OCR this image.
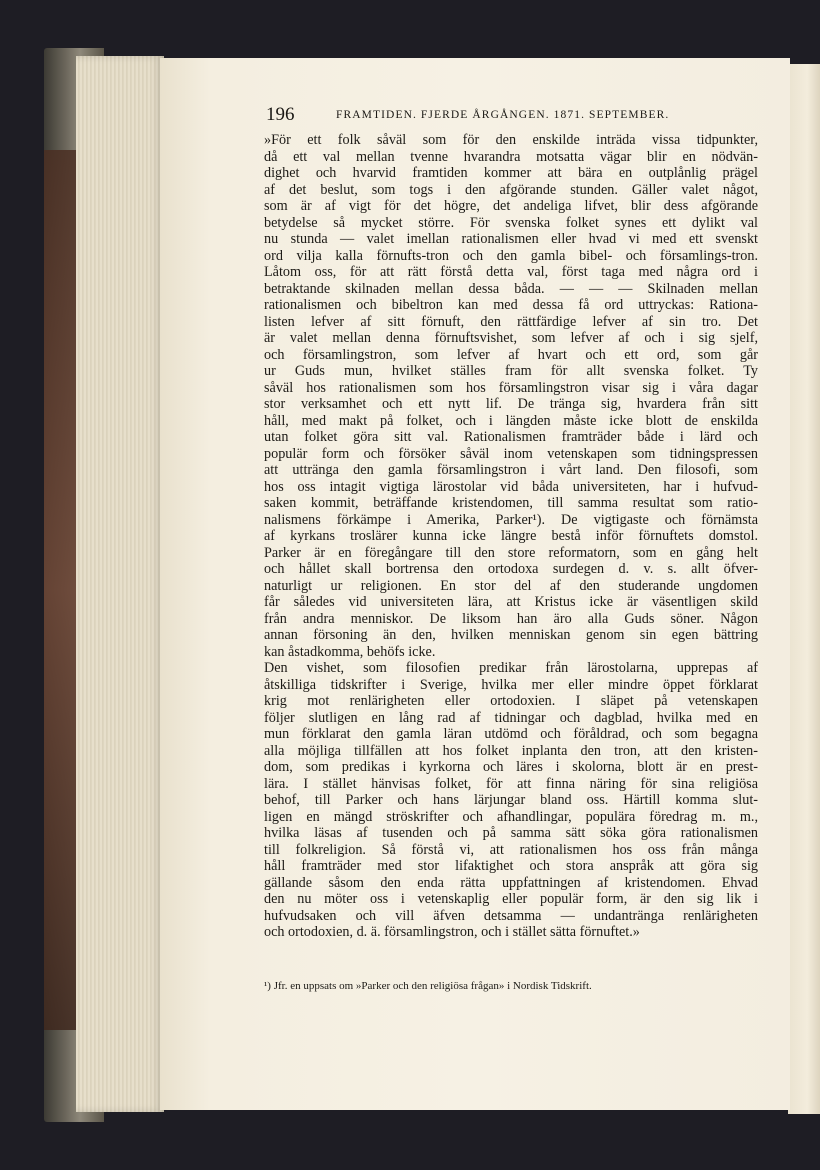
196	FRAMTIDEN. FJERDE ÅRGÅNGEN. 1871. SEPTEMBER.
»För ett folk såväl som för den enskilde inträda vissa tidpunkter,
då ett val mellan tvenne hvarandra motsatta vägar blir en nödvän-
dighet och hvarvid framtiden kommer att bära en outplånlig prägel
af det beslut, som togs i den afgörande stunden. Gäller valet något,
som är af vigt för det högre, det andeliga lifvet, blir dess afgörande
betydelse så mycket större. För svenska folket synes ett dylikt val
nu stunda — valet imellan rationalismen eller hvad vi med ett svenskt
ord vilja kalla förnufts-tron och den gamla bibel- och församlings-tron.
Låtom oss, för att rätt förstå detta val, först taga med några ord i
betraktande skilnaden mellan dessa båda. — — — Skilnaden mellan
rationalismen och bibeltron kan med dessa få ord uttryckas: Rationa-
listen lefver af sitt förnuft, den rättfärdige lefver af sin tro. Det
är valet mellan denna förnuftsvishet, som lefver af och i sig sjelf,
och församlingstron, som lefver af hvart och ett ord, som går
ur Guds mun, hvilket ställes fram för allt svenska folket. Ty
såväl hos rationalismen som hos församlingstron visar sig i våra dagar
stor verksamhet och ett nytt lif. De tränga sig, hvardera från sitt
håll, med makt på folket, och i längden måste icke blott de enskilda
utan folket göra sitt val. Rationalismen framträder både i lärd och
populär form och försöker såväl inom vetenskapen som tidningspressen
att uttränga den gamla församlingstron i vårt land. Den filosofi, som
hos oss intagit vigtiga lärostolar vid båda universiteten, har i hufvud-
saken kommit, beträffande kristendomen, till samma resultat som ratio-
nalismens förkämpe i Amerika, Parker¹). De vigtigaste och förnämsta
af kyrkans troslärer kunna icke längre bestå inför förnuftets domstol.
Parker är en föregångare till den store reformatorn, som en gång helt
och hållet skall bortrensa den ortodoxa surdegen d. v. s. allt öfver-
naturligt ur religionen. En stor del af den studerande ungdomen
får således vid universiteten lära, att Kristus icke är väsentligen skild
från andra menniskor. De liksom han äro alla Guds söner. Någon
annan försoning än den, hvilken menniskan genom sin egen bättring
kan åstadkomma, behöfs icke.
Den vishet, som filosofien predikar från lärostolarna, upprepas af
åtskilliga tidskrifter i Sverige, hvilka mer eller mindre öppet förklarat
krig mot renlärigheten eller ortodoxien. I släpet på vetenskapen
följer slutligen en lång rad af tidningar och dagblad, hvilka med en
mun förklarat den gamla läran utdömd och föråldrad, och som begagna
alla möjliga tillfällen att hos folket inplanta den tron, att den kristen-
dom, som predikas i kyrkorna och läres i skolorna, blott är en prest-
lära. I stället hänvisas folket, för att finna näring för sina religiösa
behof, till Parker och hans lärjungar bland oss. Härtill komma slut-
ligen en mängd ströskrifter och afhandlingar, populära föredrag m. m.,
hvilka läsas af tusenden och på samma sätt söka göra rationalismen
till folkreligion. Så förstå vi, att rationalismen hos oss från många
håll framträder med stor lifaktighet och stora anspråk att göra sig
gällande såsom den enda rätta uppfattningen af kristendomen. Ehvad
den nu möter oss i vetenskaplig eller populär form, är den sig lik i
hufvudsaken och vill äfven detsamma — undantränga renlärigheten
och ortodoxien, d. ä. församlingstron, och i stället sätta förnuftet.»
¹) Jfr. en uppsats om »Parker och den religiösa frågan» i Nordisk Tidskrift.
